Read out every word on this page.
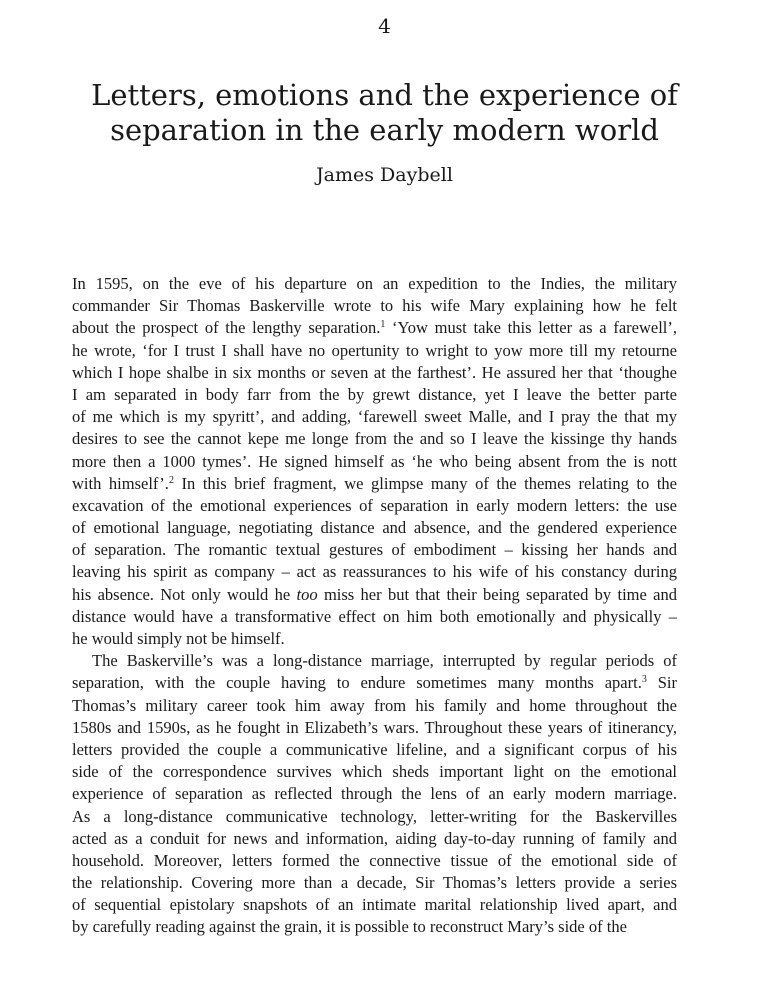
4
Letters, emotions and the experience of
separation in the early modern world
James Daybell
In 1595, on the eve of his departure on an expedition to the Indies, the military
commander Sir Thomas Baskerville wrote to his wife Mary explaining how he felt
about the prospect of the lengthy separation.$^1$ ‘Yow must take this letter as a farewell’,
he wrote, ‘for I trust I shall have no opertunity to wright to yow more till my retourne
which I hope shalbe in six months or seven at the farthest’. He assured her that ‘thoughe
I am separated in body farr from the by grewt distance, yet I leave the better parte
of me which is my spyritt’, and adding, ‘farewell sweet Malle, and I pray the that my
desires to see the cannot kepe me longe from the and so I leave the kissinge thy hands
more then a 1000 tymes’. He signed himself as ‘he who being absent from the is nott
with himself’.$^2$ In this brief fragment, we glimpse many of the themes relating to the
excavation of the emotional experiences of separation in early modern letters: the use
of emotional language, negotiating distance and absence, and the gendered experience
of separation. The romantic textual gestures of embodiment – kissing her hands and
leaving his spirit as company – act as reassurances to his wife of his constancy during
his absence. Not only would he too miss her but that their being separated by time and
distance would have a transformative effect on him both emotionally and physically –
he would simply not be himself.
The Baskerville’s was a long-distance marriage, interrupted by regular periods of
separation, with the couple having to endure sometimes many months apart.$^3$ Sir
Thomas’s military career took him away from his family and home throughout the
1580s and 1590s, as he fought in Elizabeth’s wars. Throughout these years of itinerancy,
letters provided the couple a communicative lifeline, and a significant corpus of his
side of the correspondence survives which sheds important light on the emotional
experience of separation as reflected through the lens of an early modern marriage.
As a long-distance communicative technology, letter-writing for the Baskervilles
acted as a conduit for news and information, aiding day-to-day running of family and
household. Moreover, letters formed the connective tissue of the emotional side of
the relationship. Covering more than a decade, Sir Thomas’s letters provide a series
of sequential epistolary snapshots of an intimate marital relationship lived apart, and
by carefully reading against the grain, it is possible to reconstruct Mary’s side of the
